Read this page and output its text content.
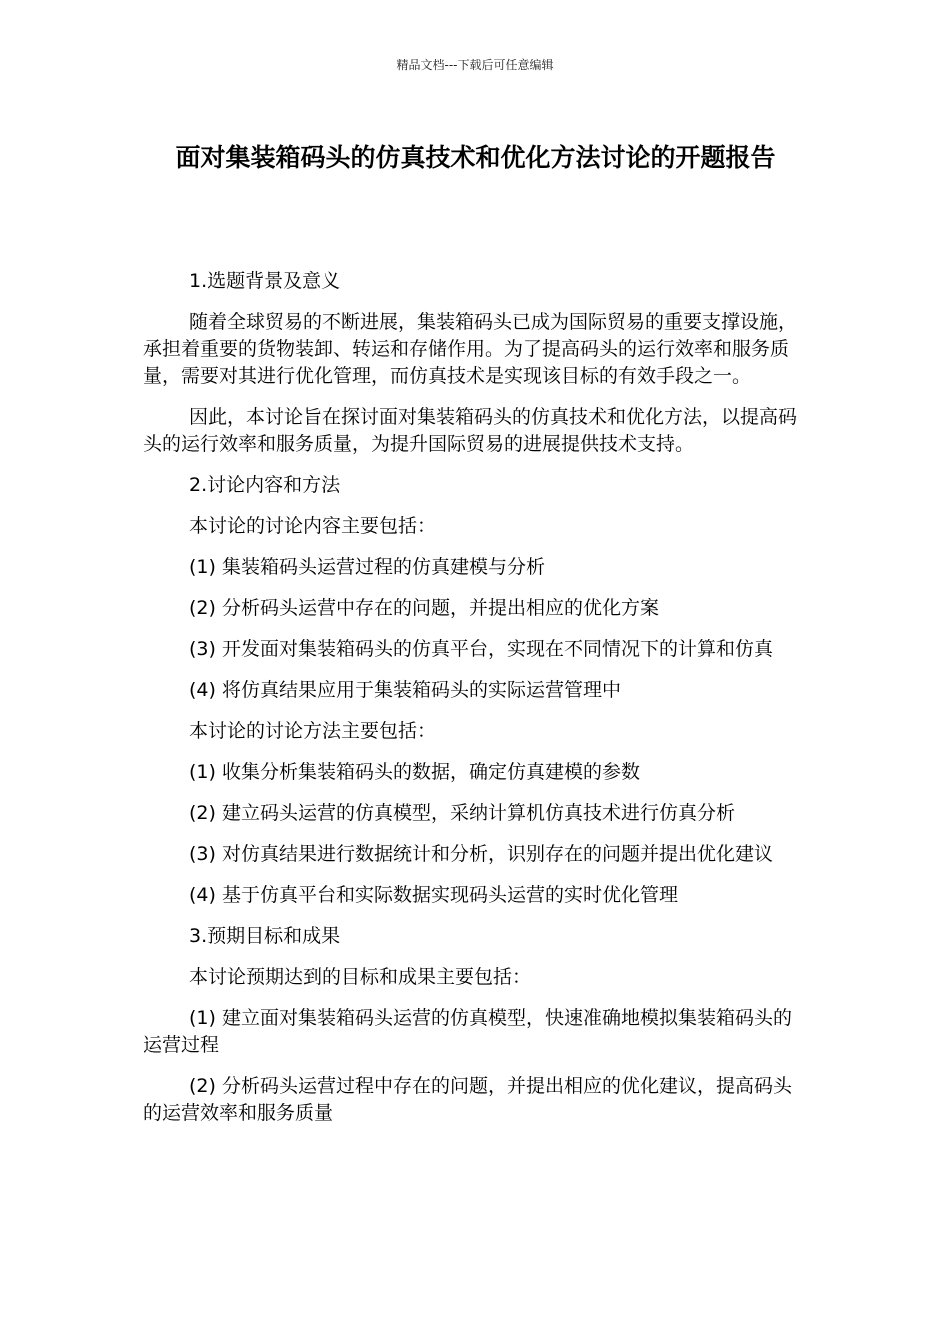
精品文档---下载后可任意编辑
面对集装箱码头的仿真技术和优化方法讨论的开题报告

1.选题背景及意义

随着全球贸易的不断进展，集装箱码头已成为国际贸易的重要支撑设施，承担着重要的货物装卸、转运和存储作用。为了提高码头的运行效率和服务质量，需要对其进行优化管理，而仿真技术是实现该目标的有效手段之一。

因此，本讨论旨在探讨面对集装箱码头的仿真技术和优化方法，以提高码头的运行效率和服务质量，为提升国际贸易的进展提供技术支持。

2.讨论内容和方法

本讨论的讨论内容主要包括：

(1) 集装箱码头运营过程的仿真建模与分析

(2) 分析码头运营中存在的问题，并提出相应的优化方案

(3) 开发面对集装箱码头的仿真平台，实现在不同情况下的计算和仿真

(4) 将仿真结果应用于集装箱码头的实际运营管理中

本讨论的讨论方法主要包括：

(1) 收集分析集装箱码头的数据，确定仿真建模的参数

(2) 建立码头运营的仿真模型，采纳计算机仿真技术进行仿真分析

(3) 对仿真结果进行数据统计和分析，识别存在的问题并提出优化建议

(4) 基于仿真平台和实际数据实现码头运营的实时优化管理

3.预期目标和成果

本讨论预期达到的目标和成果主要包括：

(1) 建立面对集装箱码头运营的仿真模型，快速准确地模拟集装箱码头的运营过程

(2) 分析码头运营过程中存在的问题，并提出相应的优化建议，提高码头的运营效率和服务质量
